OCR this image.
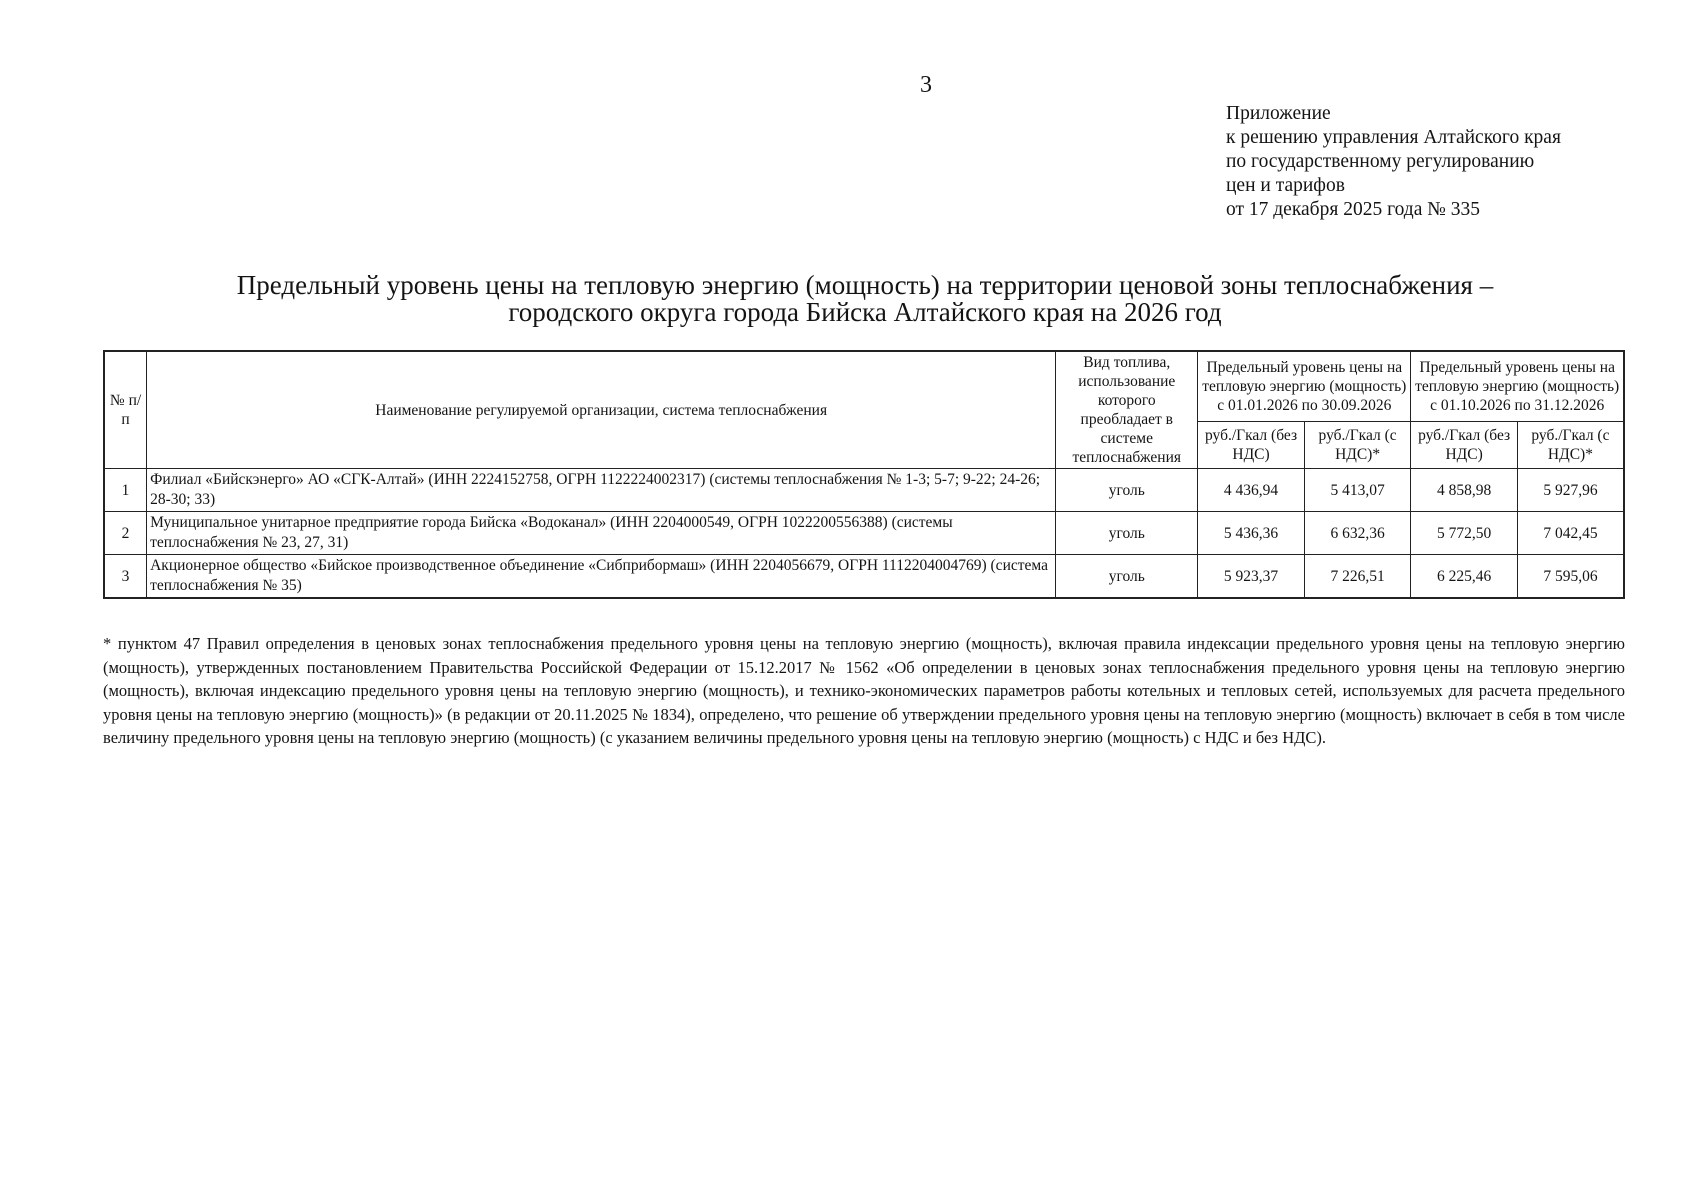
3
Приложение
к решению управления Алтайского края
по государственному регулированию
цен и тарифов
от 17 декабря 2025 года № 335
Предельный уровень цены на тепловую энергию (мощность) на территории ценовой зоны теплоснабжения –
городского округа города Бийска Алтайского края на 2026 год
№ п/п	Наименование регулируемой организации, система теплоснабжения	Вид топлива, использование которого преобладает в системе теплоснабжения	Предельный уровень цены на тепловую энергию (мощность) с 01.01.2026 по 30.09.2026		Предельный уровень цены на тепловую энергию (мощность) с 01.10.2026 по 31.12.2026	
			руб./Гкал (без НДС)	руб./Гкал (с НДС)*	руб./Гкал (без НДС)	руб./Гкал (с НДС)*
1	Филиал «Бийскэнерго» АО «СГК-Алтай» (ИНН 2224152758, ОГРН 1122224002317) (системы теплоснабжения № 1-3; 5-7; 9-22; 24-26; 28-30; 33)	уголь	4 436,94	5 413,07	4 858,98	5 927,96
2	Муниципальное унитарное предприятие города Бийска «Водоканал» (ИНН 2204000549, ОГРН 1022200556388) (системы теплоснабжения № 23, 27, 31)	уголь	5 436,36	6 632,36	5 772,50	7 042,45
3	Акционерное общество «Бийское производственное объединение «Сибприбормаш» (ИНН 2204056679, ОГРН 1112204004769) (система теплоснабжения № 35)	уголь	5 923,37	7 226,51	6 225,46	7 595,06
* пунктом 47 Правил определения в ценовых зонах теплоснабжения предельного уровня цены на тепловую энергию (мощность), включая правила индексации предельного уровня цены на тепловую энергию (мощность), утвержденных постановлением Правительства Российской Федерации от 15.12.2017 № 1562 «Об определении в ценовых зонах теплоснабжения предельного уровня цены на тепловую энергию (мощность), включая индексацию предельного уровня цены на тепловую энергию (мощность), и технико-экономических параметров работы котельных и тепловых сетей, используемых для расчета предельного уровня цены на тепловую энергию (мощность)» (в редакции от 20.11.2025 № 1834), определено, что решение об утверждении предельного уровня цены на тепловую энергию (мощность) включает в себя в том числе величину предельного уровня цены на тепловую энергию (мощность) (с указанием величины предельного уровня цены на тепловую энергию (мощность) с НДС и без НДС).
